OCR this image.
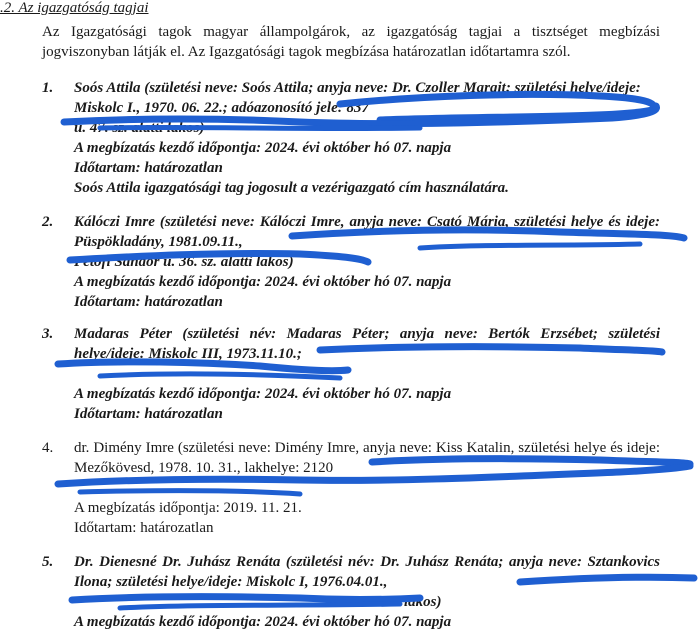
.2. Az igazgatóság tagjai

Az Igazgatósági tagok magyar állampolgárok, az igazgatóság tagjai a tisztséget megbízási jogviszonyban látják el. Az Igazgatósági tagok megbízása határozatlan időtartamra szól.

1.	Soós Attila (születési neve: Soós Attila; anyja neve: Dr. Czoller Margit; születési helye/ideje: Miskolc I., 1970. 06. 22.; adóazonosító jele: 837
u. 47. sz. alatti lakos)
A megbízatás kezdő időpontja: 2024. évi október hó 07. napja
Időtartam: határozatlan
Soós Attila igazgatósági tag jogosult a vezérigazgató cím használatára.
2.	Kálóczi Imre (születési neve: Kálóczi Imre, anyja neve: Csató Mária, születési helye és ideje: Püspökladány, 1981.09.11.,
Petőfi Sándor u. 36. sz. alatti lakos)
A megbízatás kezdő időpontja: 2024. évi október hó 07. napja
Időtartam: határozatlan
3.	Madaras Péter (születési név: Madaras Péter; anyja neve: Bertók Erzsébet; születési helye/ideje: Miskolc III, 1973.11.10.;
A megbízatás kezdő időpontja: 2024. évi október hó 07. napja
Időtartam: határozatlan
4.	dr. Dimény Imre (születési neve: Dimény Imre, anyja neve: Kiss Katalin, születési helye és ideje: Mezőkövesd, 1978. 10. 31., lakhelye: 2120
A megbízatás időpontja: 2019. 11. 21.
Időtartam: határozatlan
5.	Dr. Dienesné Dr. Juhász Renáta (születési név: Dr. Juhász Renáta; anyja neve: Sztankovics Ilona; születési helye/ideje: Miskolc I, 1976.04.01.,
lakos)
A megbízatás kezdő időpontja: 2024. évi október hó 07. napja
